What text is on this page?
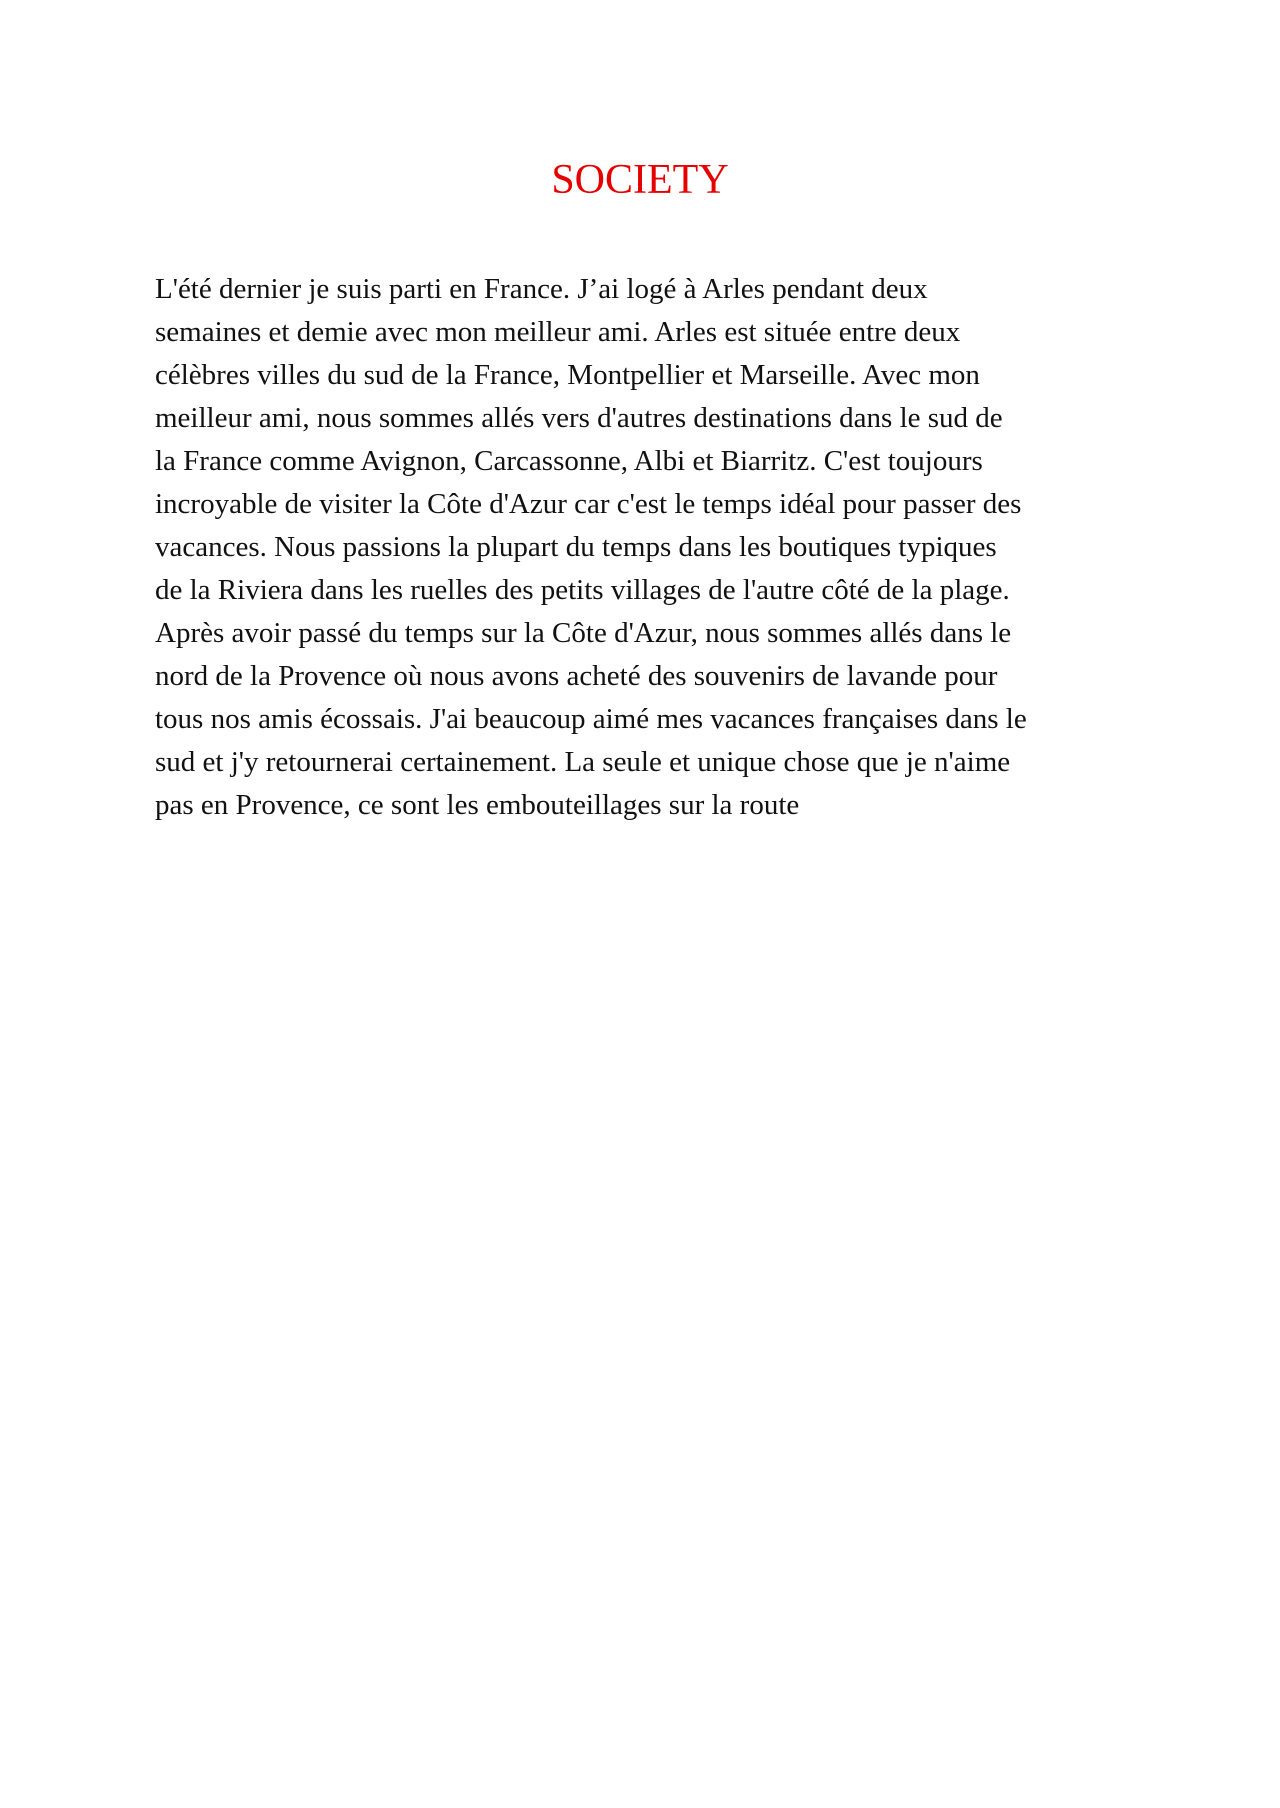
SOCIETY
L'été dernier je suis parti en France. J’ai logé à Arles pendant deux
semaines et demie avec mon meilleur ami. Arles est située entre deux
célèbres villes du sud de la France, Montpellier et Marseille. Avec mon
meilleur ami, nous sommes allés vers d'autres destinations dans le sud de
la France comme Avignon, Carcassonne, Albi et Biarritz. C'est toujours
incroyable de visiter la Côte d'Azur car c'est le temps idéal pour passer des
vacances. Nous passions la plupart du temps dans les boutiques typiques
de la Riviera dans les ruelles des petits villages de l'autre côté de la plage.
Après avoir passé du temps sur la Côte d'Azur, nous sommes allés dans le
nord de la Provence où nous avons acheté des souvenirs de lavande pour
tous nos amis écossais. J'ai beaucoup aimé mes vacances françaises dans le
sud et j'y retournerai certainement. La seule et unique chose que je n'aime
pas en Provence, ce sont les embouteillages sur la route
